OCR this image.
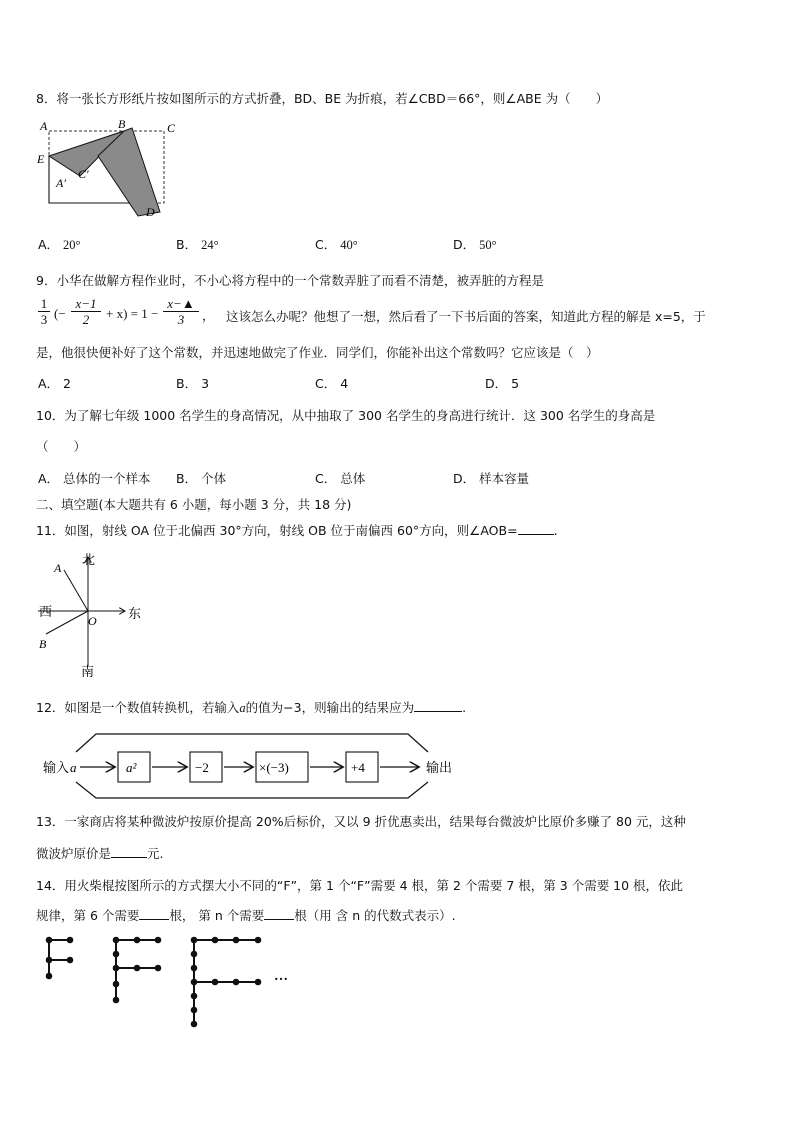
8．将一张长方形纸片按如图所示的方式折叠，BD、BE 为折痕，若∠CBD＝66°，则∠ABE 为（　　）
A	B	C
E
A′
C′
D
A． 20°	B． 24°	C． 40°	D． 50°
9．小华在做解方程作业时，不小心将方程中的一个常数弄脏了而看不清楚，被弄脏的方程是
$\frac{1}{3}$ (− $\frac{x-1}{2} + x) = 1 - \frac{x-▲}{3}$ ， 这该怎么办呢？他想了一想，然后看了一下书后面的答案，知道此方程的解是 x=5，于
是，他很快便补好了这个常数，并迅速地做完了作业．同学们，你能补出这个常数吗？它应该是（　）
A． 2	B． 3	C． 4	D． 5
10．为了解七年级 1000 名学生的身高情况，从中抽取了 300 名学生的身高进行统计．这 300 名学生的身高是
（　　）
A． 总体的一个样本 B． 个体	C． 总体	D． 样本容量
二、填空题(本大题共有 6 小题，每小题 3 分，共 18 分)
11．如图，射线 OA 位于北偏西 30°方向，射线 OB 位于南偏西 60°方向，则∠AOB=	.
北
西	东
南
A
B
O
12．如图是一个数值转换机，若输入a的值为−3，则输出的结果应为	.
输入 a	a²	−2	×(−3)	+4	输出
13．一家商店将某种微波炉按原价提高 20%后标价，又以 9 折优惠卖出，结果每台微波炉比原价多赚了 80 元，这种
微波炉原价是	元.
14．用火柴棍按图所示的方式摆大小不同的“F”，第 1 个“F”需要 4 根，第 2 个需要 7 根，第 3 个需要 10 根，依此
规律，第 6 个需要 根， 第 n 个需要 根（用 含 n 的代数式表示）.
…
